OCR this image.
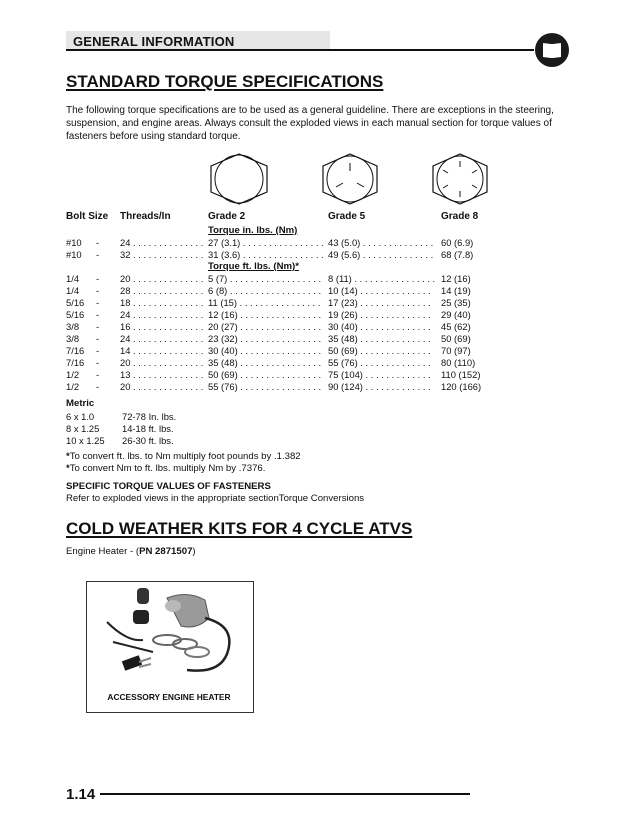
GENERAL INFORMATION
STANDARD TORQUE SPECIFICATIONS
The following torque specifications are to be used as a general guideline. There are exceptions in the steering, suspension, and engine areas. Always consult the exploded views in each manual section for torque values of fasteners before using standard torque.
Bolt Size Threads/In	Grade 2	Grade 5	Grade 8
Torque in. lbs. (Nm)
#10 - 24 . . . . . . . . . . . . . . 27 (3.1) . . . . . . . . . . . . . . . . 43 (5.0) . . . . . . . . . . . . . . 60 (6.9)
#10 - 32 . . . . . . . . . . . . . . 31 (3.6) . . . . . . . . . . . . . . . . 49 (5.6) . . . . . . . . . . . . . . 68 (7.8)
Torque ft. lbs. (Nm)*
1/4 - 20 . . . . . . . . . . . . . . 5 (7) . . . . . . . . . . . . . . . . . . 8 (11) . . . . . . . . . . . . . . . . 12 (16)
1/4 - 28 . . . . . . . . . . . . . . 6 (8) . . . . . . . . . . . . . . . . . . 10 (14) . . . . . . . . . . . . . . 14 (19)
5/16 - 18 . . . . . . . . . . . . . . 11 (15) . . . . . . . . . . . . . . . . 17 (23) . . . . . . . . . . . . . . 25 (35)
5/16 - 24 . . . . . . . . . . . . . . 12 (16) . . . . . . . . . . . . . . . . 19 (26) . . . . . . . . . . . . . . 29 (40)
3/8 - 16 . . . . . . . . . . . . . . 20 (27) . . . . . . . . . . . . . . . . 30 (40) . . . . . . . . . . . . . . 45 (62)
3/8 - 24 . . . . . . . . . . . . . . 23 (32) . . . . . . . . . . . . . . . . 35 (48) . . . . . . . . . . . . . . 50 (69)
7/16 - 14 . . . . . . . . . . . . . . 30 (40) . . . . . . . . . . . . . . . . 50 (69) . . . . . . . . . . . . . . 70 (97)
7/16 - 20 . . . . . . . . . . . . . . 35 (48) . . . . . . . . . . . . . . . . 55 (76) . . . . . . . . . . . . . . 80 (110)
1/2 - 13 . . . . . . . . . . . . . . 50 (69) . . . . . . . . . . . . . . . . 75 (104) . . . . . . . . . . . . . 110 (152)
1/2 - 20 . . . . . . . . . . . . . . 55 (76) . . . . . . . . . . . . . . . . 90 (124) . . . . . . . . . . . . . 120 (166)
Metric
6 x 1.0	72-78 In. lbs.
8 x 1.25 14-18 ft. lbs.
10 x 1.25 26-30 ft. lbs.
*To convert ft. lbs. to Nm multiply foot pounds by .1.382
*To convert Nm to ft. lbs. multiply Nm by .7376.
SPECIFIC TORQUE VALUES OF FASTENERS
Refer to exploded views in the appropriate sectionTorque Conversions
COLD WEATHER KITS FOR 4 CYCLE ATVS
Engine Heater - (PN 2871507)
ACCESSORY ENGINE HEATER
1.14
